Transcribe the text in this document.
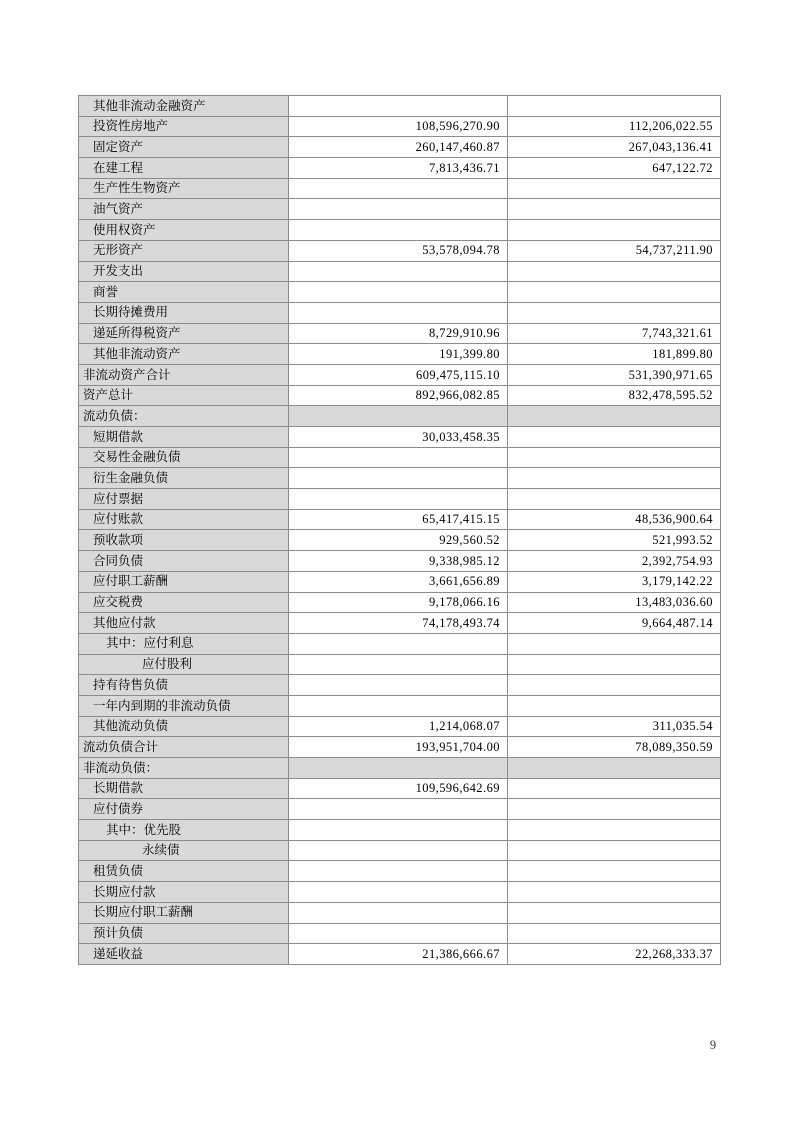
其他非流动金融资产		
投资性房地产	108,596,270.90	112,206,022.55
固定资产	260,147,460.87	267,043,136.41
在建工程	7,813,436.71	647,122.72
生产性生物资产		
油气资产		
使用权资产		
无形资产	53,578,094.78	54,737,211.90
开发支出		
商誉		
长期待摊费用		
递延所得税资产	8,729,910.96	7,743,321.61
其他非流动资产	191,399.80	181,899.80
非流动资产合计	609,475,115.10	531,390,971.65
资产总计	892,966,082.85	832,478,595.52
流动负债：		
短期借款	30,033,458.35	
交易性金融负债		
衍生金融负债		
应付票据		
应付账款	65,417,415.15	48,536,900.64
预收款项	929,560.52	521,993.52
合同负债	9,338,985.12	2,392,754.93
应付职工薪酬	3,661,656.89	3,179,142.22
应交税费	9,178,066.16	13,483,036.60
其他应付款	74,178,493.74	9,664,487.14
其中：应付利息		
应付股利		
持有待售负债		
一年内到期的非流动负债		
其他流动负债	1,214,068.07	311,035.54
流动负债合计	193,951,704.00	78,089,350.59
非流动负债：		
长期借款	109,596,642.69	
应付债券		
其中：优先股		
永续债		
租赁负债		
长期应付款		
长期应付职工薪酬		
预计负债		
递延收益	21,386,666.67	22,268,333.37
9
